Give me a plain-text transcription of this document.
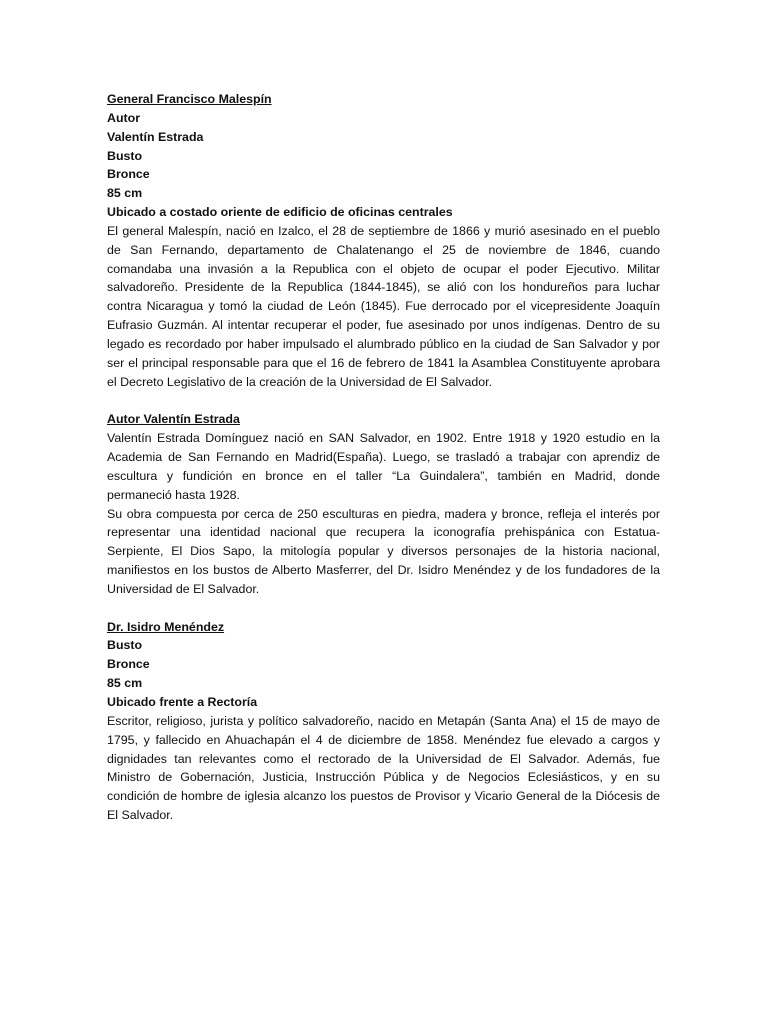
General Francisco Malespín
Autor
Valentín Estrada
Busto
Bronce
85 cm
Ubicado a costado oriente de edificio de oficinas centrales
El general Malespín, nació en Izalco, el 28 de septiembre de 1866 y murió asesinado en el pueblo
de San Fernando, departamento de Chalatenango el 25 de noviembre de 1846, cuando
comandaba una invasión a la Republica con el objeto de ocupar el poder Ejecutivo. Militar
salvadoreño. Presidente de la Republica (1844-1845), se alió con los hondureños para luchar
contra Nicaragua y tomó la ciudad de León (1845). Fue derrocado por el vicepresidente Joaquín
Eufrasio Guzmán. Al intentar recuperar el poder, fue asesinado por unos indígenas. Dentro de su
legado es recordado por haber impulsado el alumbrado público en la ciudad de San Salvador y por
ser el principal responsable para que el 16 de febrero de 1841 la Asamblea Constituyente aprobara
el Decreto Legislativo de la creación de la Universidad de El Salvador.
Autor Valentín Estrada
Valentín Estrada Domínguez nació en SAN Salvador, en 1902. Entre 1918 y 1920 estudio en la
Academia de San Fernando en Madrid(España). Luego, se trasladó a trabajar con aprendiz de
escultura y fundición en bronce en el taller “La Guindalera”, también en Madrid, donde
permaneció hasta 1928.
Su obra compuesta por cerca de 250 esculturas en piedra, madera y bronce, refleja el interés por
representar una identidad nacional que recupera la iconografía prehispánica con Estatua-
Serpiente, El Dios Sapo, la mitología popular y diversos personajes de la historia nacional,
manifiestos en los bustos de Alberto Masferrer, del Dr. Isidro Menéndez y de los fundadores de la
Universidad de El Salvador.
Dr. Isidro Menéndez
Busto
Bronce
85 cm
Ubicado frente a Rectoría
Escritor, religioso, jurista y político salvadoreño, nacido en Metapán (Santa Ana) el 15 de mayo de
1795, y fallecido en Ahuachapán el 4 de diciembre de 1858. Menéndez fue elevado a cargos y
dignidades tan relevantes como el rectorado de la Universidad de El Salvador. Además, fue
Ministro de Gobernación, Justicia, Instrucción Pública y de Negocios Eclesiásticos, y en su
condición de hombre de iglesia alcanzo los puestos de Provisor y Vicario General de la Diócesis de
El Salvador.
